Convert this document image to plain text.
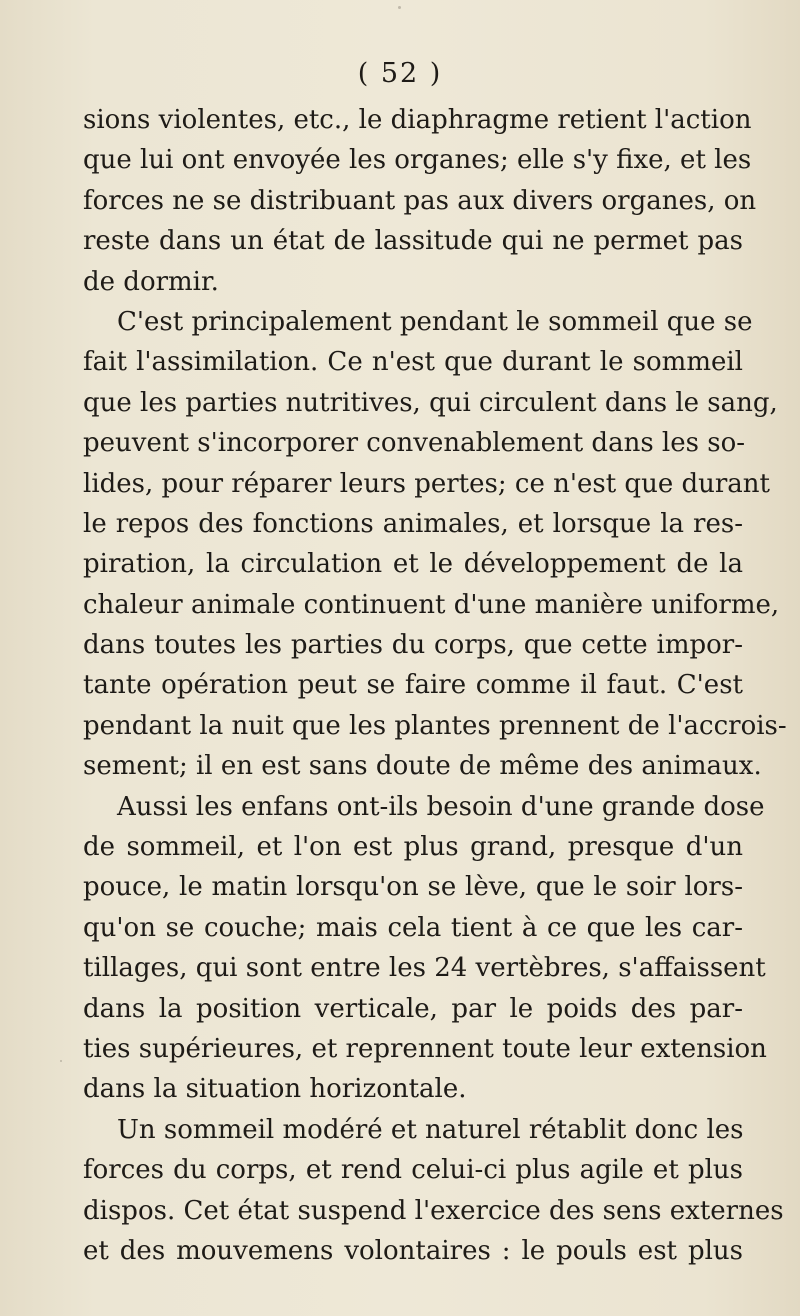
( 52 )
sions violentes, etc., le diaphragme retient l'action
que lui ont envoyée les organes; elle s'y fixe, et les
forces ne se distribuant pas aux divers organes, on
reste dans un état de lassitude qui ne permet pas
de dormir.
C'est principalement pendant le sommeil que se
fait l'assimilation. Ce n'est que durant le sommeil
que les parties nutritives, qui circulent dans le sang,
peuvent s'incorporer convenablement dans les so-
lides, pour réparer leurs pertes; ce n'est que durant
le repos des fonctions animales, et lorsque la res-
piration, la circulation et le développement de la
chaleur animale continuent d'une manière uniforme,
dans toutes les parties du corps, que cette impor-
tante opération peut se faire comme il faut. C'est
pendant la nuit que les plantes prennent de l'accrois-
sement; il en est sans doute de même des animaux.
Aussi les enfans ont-ils besoin d'une grande dose
de sommeil, et l'on est plus grand, presque d'un
pouce, le matin lorsqu'on se lève, que le soir lors-
qu'on se couche; mais cela tient à ce que les car-
tillages, qui sont entre les 24 vertèbres, s'affaissent
dans la position verticale, par le poids des par-
ties supérieures, et reprennent toute leur extension
dans la situation horizontale.
Un sommeil modéré et naturel rétablit donc les
forces du corps, et rend celui-ci plus agile et plus
dispos. Cet état suspend l'exercice des sens externes
et des mouvemens volontaires : le pouls est plus
